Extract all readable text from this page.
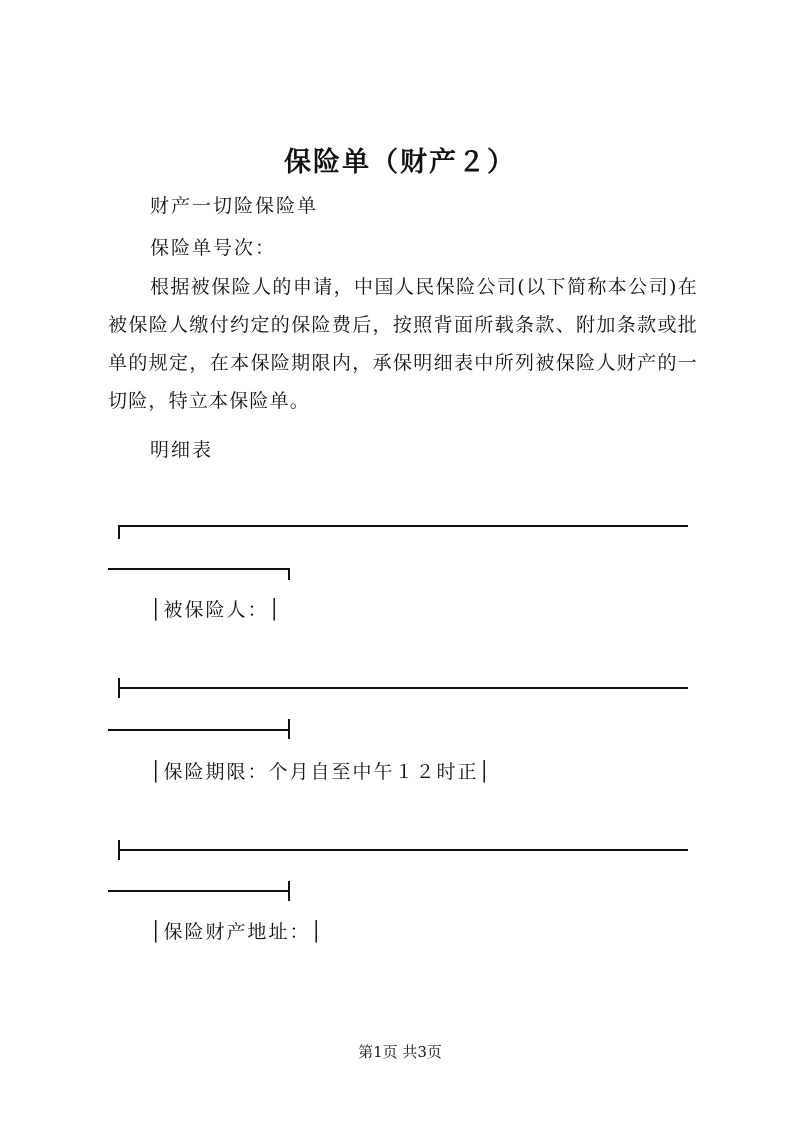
保险单（财产２）
财产一切险保险单
保险单号次：
根据被保险人的申请，中国人民保险公司(以下简称本公司)在被保险人缴付约定的保险费后，按照背面所载条款、附加条款或批单的规定，在本保险期限内，承保明细表中所列被保险人财产的一切险，特立本保险单。
明细表
│被保险人：│
│保险期限：个月自至中午１２时正│
│保险财产地址：│
第1页 共3页
